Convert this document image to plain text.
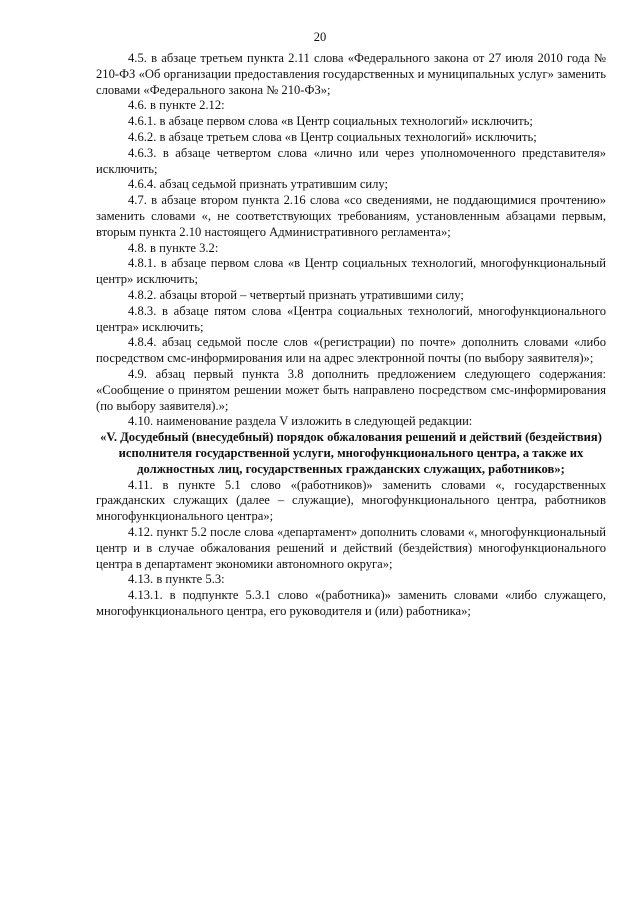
20

4.5. в абзаце третьем пункта 2.11 слова «Федерального закона от 27 июля 2010 года № 210-ФЗ «Об организации предоставления государственных и муниципальных услуг» заменить словами «Федерального закона № 210-ФЗ»;

4.6. в пункте 2.12:

4.6.1. в абзаце первом слова «в Центр социальных технологий» исключить;

4.6.2. в абзаце третьем слова «в Центр социальных технологий» исключить;

4.6.3. в абзаце четвертом слова «лично или через уполномоченного представителя» исключить;

4.6.4. абзац седьмой признать утратившим силу;

4.7. в абзаце втором пункта 2.16 слова «со сведениями, не поддающимися прочтению» заменить словами «, не соответствующих требованиям, установленным абзацами первым, вторым пункта 2.10 настоящего Административного регламента»;

4.8. в пункте 3.2:

4.8.1. в абзаце первом слова «в Центр социальных технологий, многофункциональный центр» исключить;

4.8.2. абзацы второй – четвертый признать утратившими силу;

4.8.3. в абзаце пятом слова «Центра социальных технологий, многофункционального центра» исключить;

4.8.4. абзац седьмой после слов «(регистрации) по почте» дополнить словами «либо посредством смс-информирования или на адрес электронной почты (по выбору заявителя)»;

4.9. абзац первый пункта 3.8 дополнить предложением следующего содержания: «Сообщение о принятом решении может быть направлено посредством смс-информирования (по выбору заявителя).»;

4.10. наименование раздела V изложить в следующей редакции:

«V. Досудебный (внесудебный) порядок обжалования решений и действий (бездействия) исполнителя государственной услуги, многофункционального центра, а также их должностных лиц, государственных гражданских служащих, работников»;

4.11. в пункте 5.1 слово «(работников)» заменить словами «, государственных гражданских служащих (далее – служащие), многофункционального центра, работников многофункционального центра»;

4.12. пункт 5.2 после слова «департамент» дополнить словами «, многофункциональный центр и в случае обжалования решений и действий (бездействия) многофункционального центра в департамент экономики автономного округа»;

4.13. в пункте 5.3:

4.13.1. в подпункте 5.3.1 слово «(работника)» заменить словами «либо служащего, многофункционального центра, его руководителя и (или) работника»;
